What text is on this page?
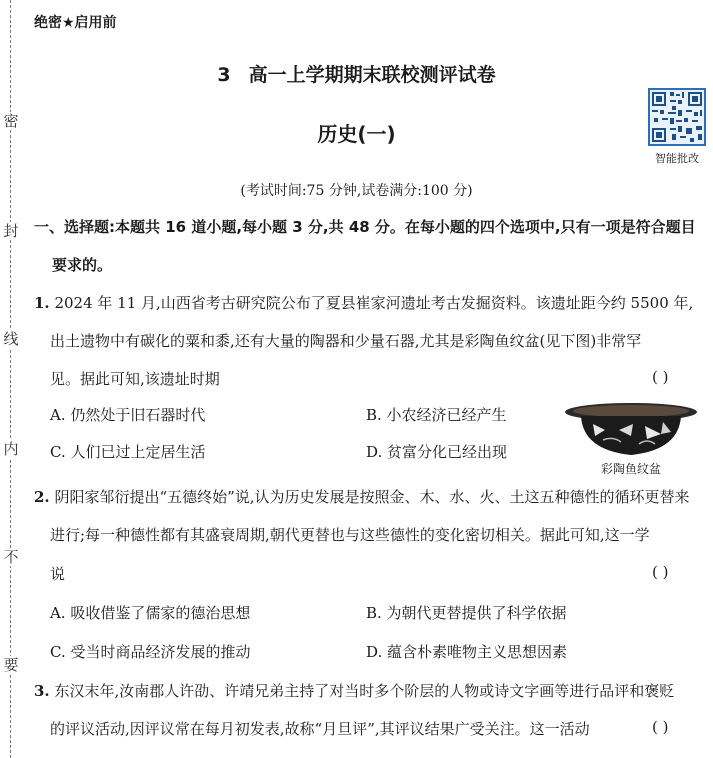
密
封
线
内
不
要
绝密★启用前
3 高一上学期期末联校测评试卷
历史(一)
智能批改
(考试时间:75 分钟,试卷满分:100 分)
一、选择题:本题共 16 道小题,每小题 3 分,共 48 分。在每小题的四个选项中,只有一项是符合题目
要求的。
1. 2024 年 11 月,山西省考古研究院公布了夏县崔家河遗址考古发掘资料。该遗址距今约 5500 年,
出土遗物中有碳化的粟和黍,还有大量的陶器和少量石器,尤其是彩陶鱼纹盆(见下图)非常罕
见。据此可知,该遗址时期	( )
A. 仍然处于旧石器时代	B. 小农经济已经产生
C. 人们已过上定居生活	D. 贫富分化已经出现
彩陶鱼纹盆
2. 阴阳家邹衍提出“五德终始”说,认为历史发展是按照金、木、水、火、土这五种德性的循环更替来
进行;每一种德性都有其盛衰周期,朝代更替也与这些德性的变化密切相关。据此可知,这一学
说	( )
A. 吸收借鉴了儒家的德治思想	B. 为朝代更替提供了科学依据
C. 受当时商品经济发展的推动	D. 蕴含朴素唯物主义思想因素
3. 东汉末年,汝南郡人许劭、许靖兄弟主持了对当时多个阶层的人物或诗文字画等进行品评和褒贬
的评议活动,因评议常在每月初发表,故称“月旦评”,其评议结果广受关注。这一活动	( )
